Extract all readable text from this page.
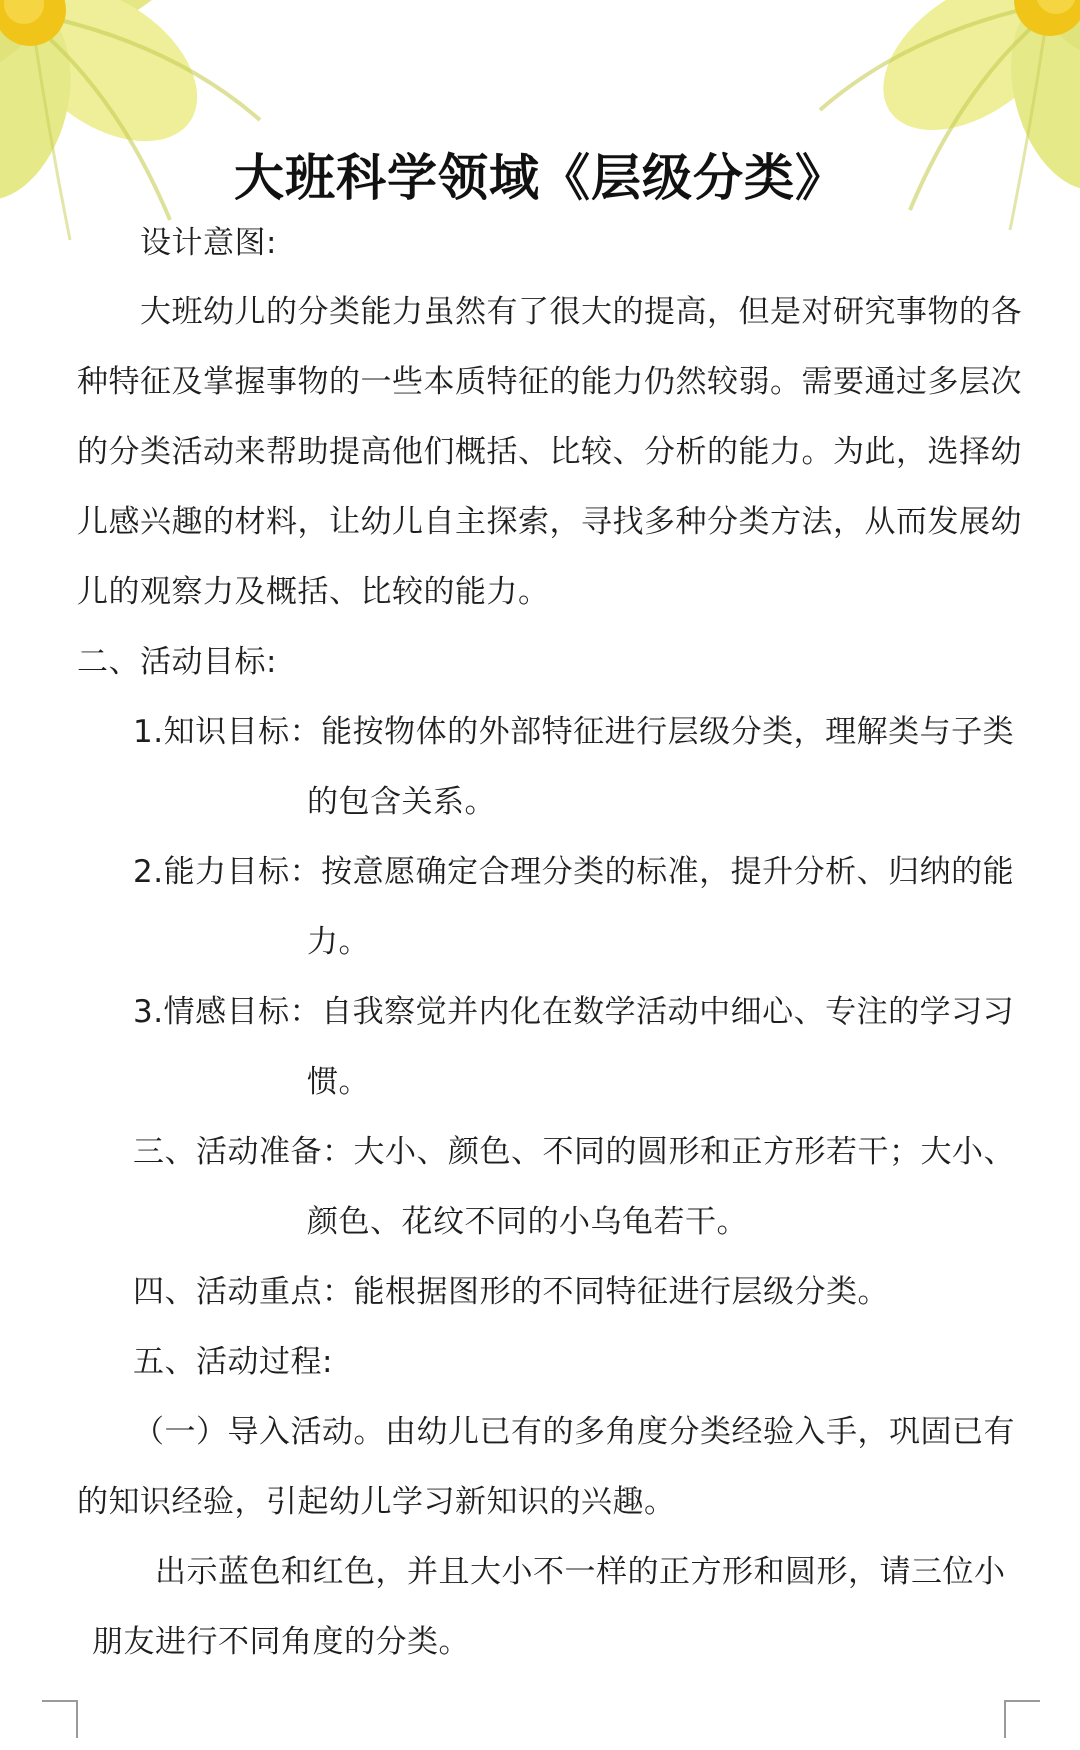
大班科学领域《层级分类》
设计意图:
大班幼儿的分类能力虽然有了很大的提高，但是对研究事物的各
种特征及掌握事物的一些本质特征的能力仍然较弱。需要通过多层次
的分类活动来帮助提高他们概括、比较、分析的能力。为此，选择幼
儿感兴趣的材料，让幼儿自主探索，寻找多种分类方法，从而发展幼
儿的观察力及概括、比较的能力。
二、活动目标:
1.知识目标：能按物体的外部特征进行层级分类，理解类与子类
的包含关系。
2.能力目标：按意愿确定合理分类的标准，提升分析、归纳的能
力。
3.情感目标：自我察觉并内化在数学活动中细心、专注的学习习
惯。
三、活动准备：大小、颜色、不同的圆形和正方形若干；大小、
颜色、花纹不同的小乌龟若干。
四、活动重点：能根据图形的不同特征进行层级分类。
五、活动过程:
（一）导入活动。由幼儿已有的多角度分类经验入手，巩固已有
的知识经验，引起幼儿学习新知识的兴趣。
出示蓝色和红色，并且大小不一样的正方形和圆形，请三位小
朋友进行不同角度的分类。
